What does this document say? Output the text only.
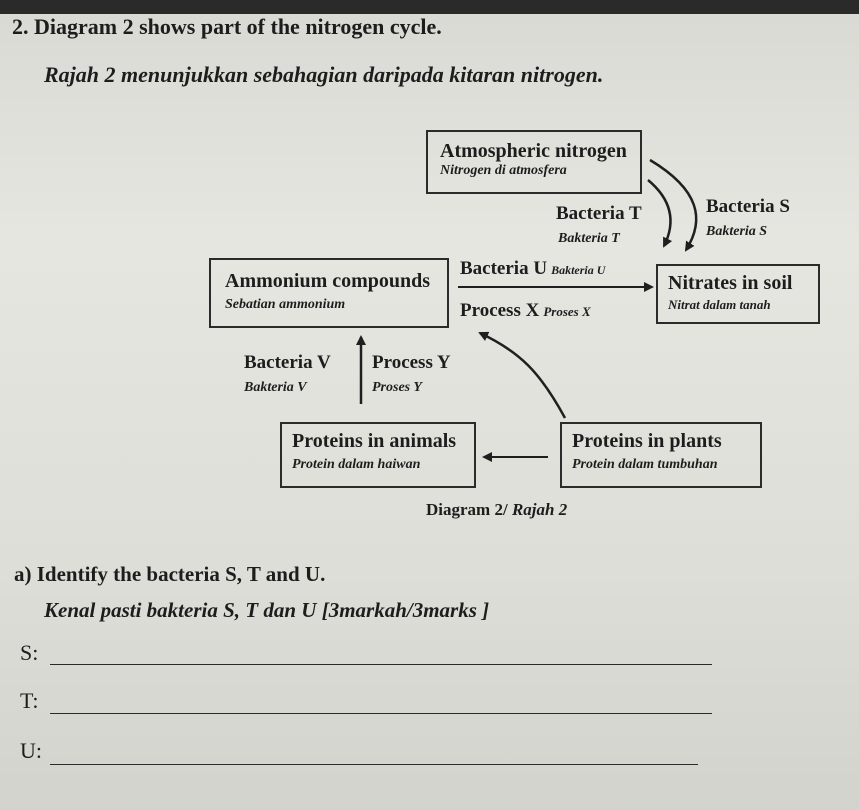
2. Diagram 2 shows part of the nitrogen cycle.
Rajah 2 menunjukkan sebahagian daripada kitaran nitrogen.
Atmospheric nitrogen
Nitrogen di atmosfera
Bacteria T
Bakteria T
Bacteria S
Bakteria S
Ammonium compounds
Sebatian ammonium
Bacteria U Bakteria U
Process X Proses X
Nitrates in soil
Nitrat dalam tanah
Bacteria V
Bakteria V
Process Y
Proses Y
Proteins in animals
Protein dalam haiwan
Proteins in plants
Protein dalam tumbuhan
Diagram 2/ Rajah 2
a) Identify the bacteria S, T and U.
Kenal pasti bakteria S, T dan U [3markah/3marks ]
S:
T:
U:
